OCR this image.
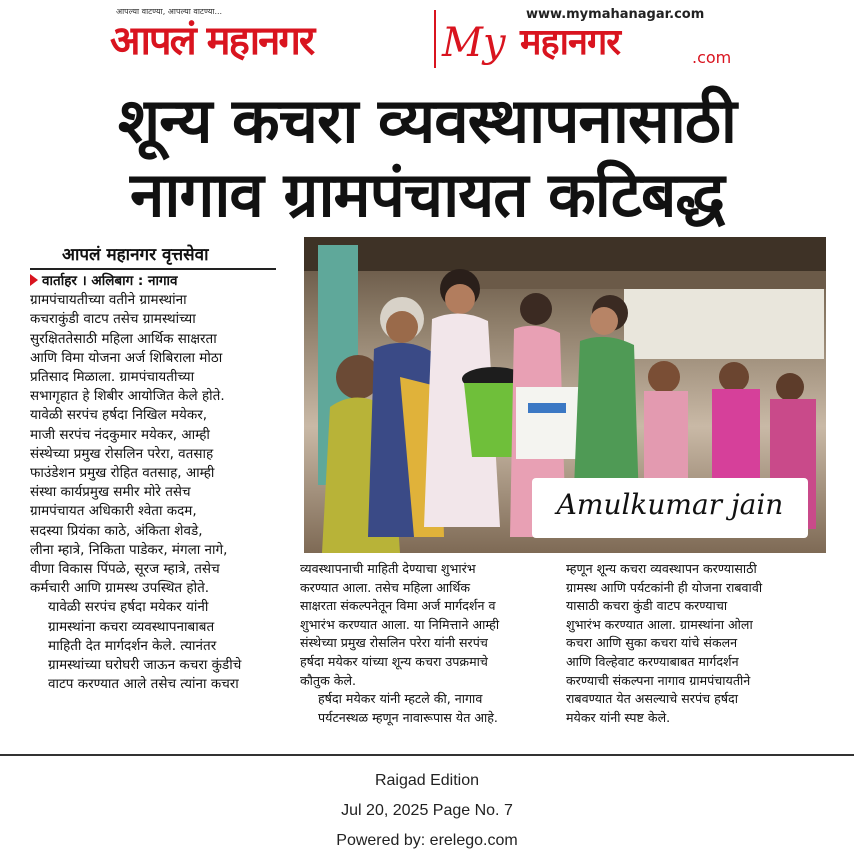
आपल्या वाटण्या, आपल्या वाटण्या...
आपलं महानगर
www.mymahanagar.com
My महानगर	.com
शून्य कचरा व्यवस्थापनासाठी
नागाव ग्रामपंचायत कटिबद्ध
आपलं महानगर वृत्तसेवा
वार्ताहर । अलिबाग : नागाव
ग्रामपंचायतीच्या वतीने ग्रामस्थांना
कचराकुंडी वाटप तसेच ग्रामस्थांच्या
सुरक्षिततेसाठी महिला आर्थिक साक्षरता
आणि विमा योजना अर्ज शिबिराला मोठा
प्रतिसाद मिळाला. ग्रामपंचायतीच्या
सभागृहात हे शिबीर आयोजित केले होते.
यावेळी सरपंच हर्षदा निखिल मयेकर,
माजी सरपंच नंदकुमार मयेकर, आम्ही
संस्थेच्या प्रमुख रोसलिन परेरा, वतसाह
फाउंडेशन प्रमुख रोहित वतसाह, आम्ही
संस्था कार्यप्रमुख समीर मोरे तसेच
ग्रामपंचायत अधिकारी श्वेता कदम,
सदस्या प्रियंका काठे, अंकिता शेवडे,
लीना म्हात्रे, निकिता पाडेकर, मंगला नागे,
वीणा विकास पिंपळे, सूरज म्हात्रे, तसेच
कर्मचारी आणि ग्रामस्थ उपस्थित होते.
यावेळी सरपंच हर्षदा मयेकर यांनी
ग्रामस्थांना कचरा व्यवस्थापनाबाबत
माहिती देत मार्गदर्शन केले. त्यानंतर
ग्रामस्थांच्या घरोघरी जाऊन कचरा कुंडीचे
वाटप करण्यात आले तसेच त्यांना कचरा
Amulkumar jain
व्यवस्थापनाची माहिती देण्याचा शुभारंभ
करण्यात आला. तसेच महिला आर्थिक
साक्षरता संकल्पनेतून विमा अर्ज मार्गदर्शन व
शुभारंभ करण्यात आला. या निमित्ताने आम्ही
संस्थेच्या प्रमुख रोसलिन परेरा यांनी सरपंच
हर्षदा मयेकर यांच्या शून्य कचरा उपक्रमाचे
कौतुक केले.
हर्षदा मयेकर यांनी म्हटले की, नागाव
पर्यटनस्थळ म्हणून नावारूपास येत आहे.
म्हणून शून्य कचरा व्यवस्थापन करण्यासाठी
ग्रामस्थ आणि पर्यटकांनी ही योजना राबवावी
यासाठी कचरा कुंडी वाटप करण्याचा
शुभारंभ करण्यात आला. ग्रामस्थांना ओला
कचरा आणि सुका कचरा यांचे संकलन
आणि विल्हेवाट करण्याबाबत मार्गदर्शन
करण्याची संकल्पना नागाव ग्रामपंचायतीने
राबवण्यात येत असल्याचे सरपंच हर्षदा
मयेकर यांनी स्पष्ट केले.
Raigad Edition
Jul 20, 2025 Page No. 7
Powered by: erelego.com
